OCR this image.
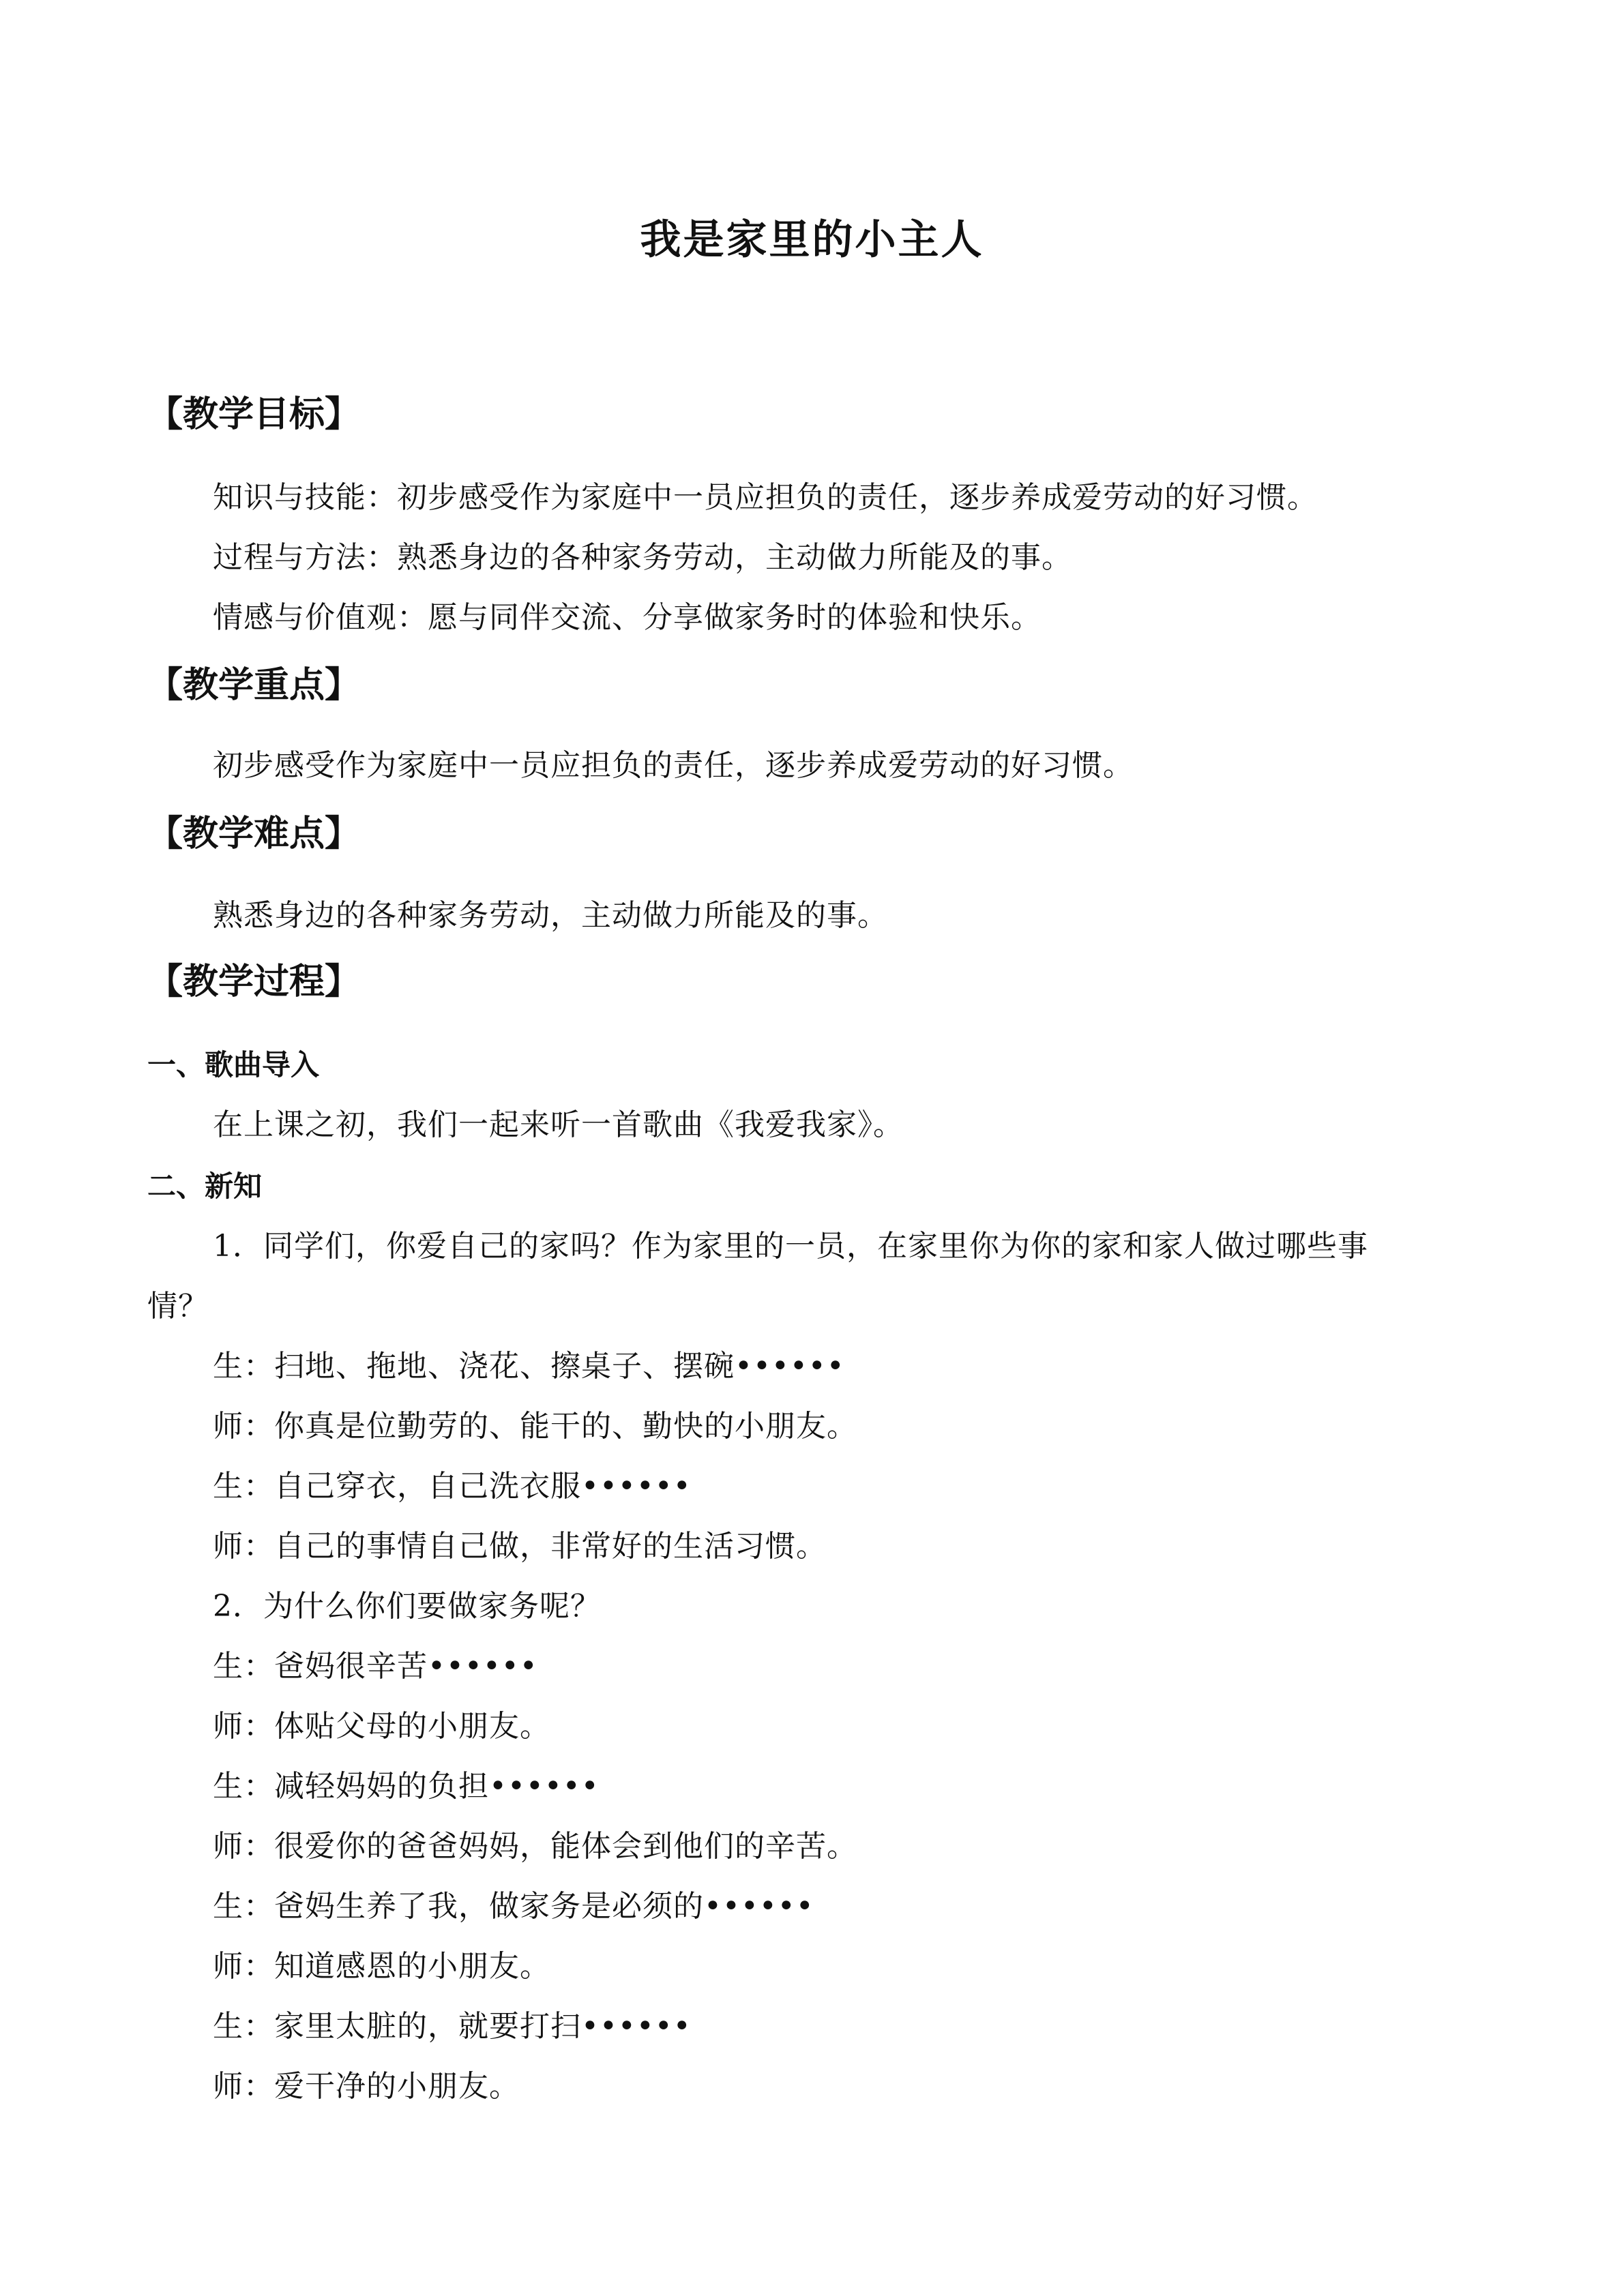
我是家里的小主人
【教学目标】
知识与技能：初步感受作为家庭中一员应担负的责任，逐步养成爱劳动的好习惯。
过程与方法：熟悉身边的各种家务劳动，主动做力所能及的事。
情感与价值观：愿与同伴交流、分享做家务时的体验和快乐。
【教学重点】
初步感受作为家庭中一员应担负的责任，逐步养成爱劳动的好习惯。
【教学难点】
熟悉身边的各种家务劳动，主动做力所能及的事。
【教学过程】
一、歌曲导入
在上课之初，我们一起来听一首歌曲《我爱我家》。
二、新知
1．同学们，你爱自己的家吗？作为家里的一员，在家里你为你的家和家人做过哪些事
情？
生：扫地、拖地、浇花、擦桌子、摆碗••••••
师：你真是位勤劳的、能干的、勤快的小朋友。
生：自己穿衣，自己洗衣服••••••
师：自己的事情自己做，非常好的生活习惯。
2．为什么你们要做家务呢？
生：爸妈很辛苦••••••
师：体贴父母的小朋友。
生：减轻妈妈的负担••••••
师：很爱你的爸爸妈妈，能体会到他们的辛苦。
生：爸妈生养了我，做家务是必须的••••••
师：知道感恩的小朋友。
生：家里太脏的，就要打扫••••••
师：爱干净的小朋友。
